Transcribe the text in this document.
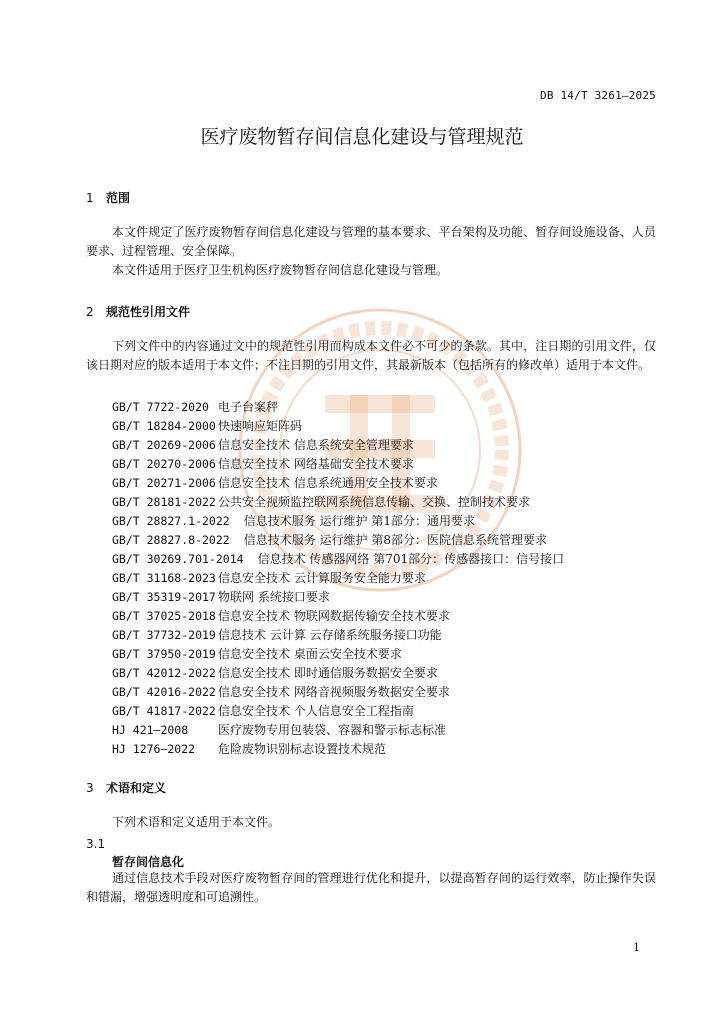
DB 14/T 3261—2025
医疗废物暂存间信息化建设与管理规范
1 范围
本文件规定了医疗废物暂存间信息化建设与管理的基本要求、平台架构及功能、暂存间设施设备、人员要求、过程管理、安全保障。
本文件适用于医疗卫生机构医疗废物暂存间信息化建设与管理。
2 规范性引用文件
下列文件中的内容通过文中的规范性引用而构成本文件必不可少的条款。其中，注日期的引用文件，仅该日期对应的版本适用于本文件；不注日期的引用文件，其最新版本（包括所有的修改单）适用于本文件。
GB/T 7722-2020 电子台案秤
GB/T 18284-2000 快速响应矩阵码
GB/T 20269-2006 信息安全技术 信息系统安全管理要求
GB/T 20270-2006 信息安全技术 网络基础安全技术要求
GB/T 20271-2006 信息安全技术 信息系统通用安全技术要求
GB/T 28181-2022 公共安全视频监控联网系统信息传输、交换、控制技术要求
GB/T 28827.1-2022 信息技术服务 运行维护 第1部分：通用要求
GB/T 28827.8-2022 信息技术服务 运行维护 第8部分：医院信息系统管理要求
GB/T 30269.701-2014 信息技术 传感器网络 第701部分：传感器接口：信号接口
GB/T 31168-2023 信息安全技术 云计算服务安全能力要求
GB/T 35319-2017 物联网 系统接口要求
GB/T 37025-2018 信息安全技术 物联网数据传输安全技术要求
GB/T 37732-2019 信息技术 云计算 云存储系统服务接口功能
GB/T 37950-2019 信息安全技术 桌面云安全技术要求
GB/T 42012-2022 信息安全技术 即时通信服务数据安全要求
GB/T 42016-2022 信息安全技术 网络音视频服务数据安全要求
GB/T 41817-2022 信息安全技术 个人信息安全工程指南
HJ 421—2008 医疗废物专用包装袋、容器和警示标志标准
HJ 1276—2022 危险废物识别标志设置技术规范
3 术语和定义
下列术语和定义适用于本文件。
3.1
暂存间信息化
通过信息技术手段对医疗废物暂存间的管理进行优化和提升，以提高暂存间的运行效率，防止操作失误和错漏，增强透明度和可追溯性。
1
